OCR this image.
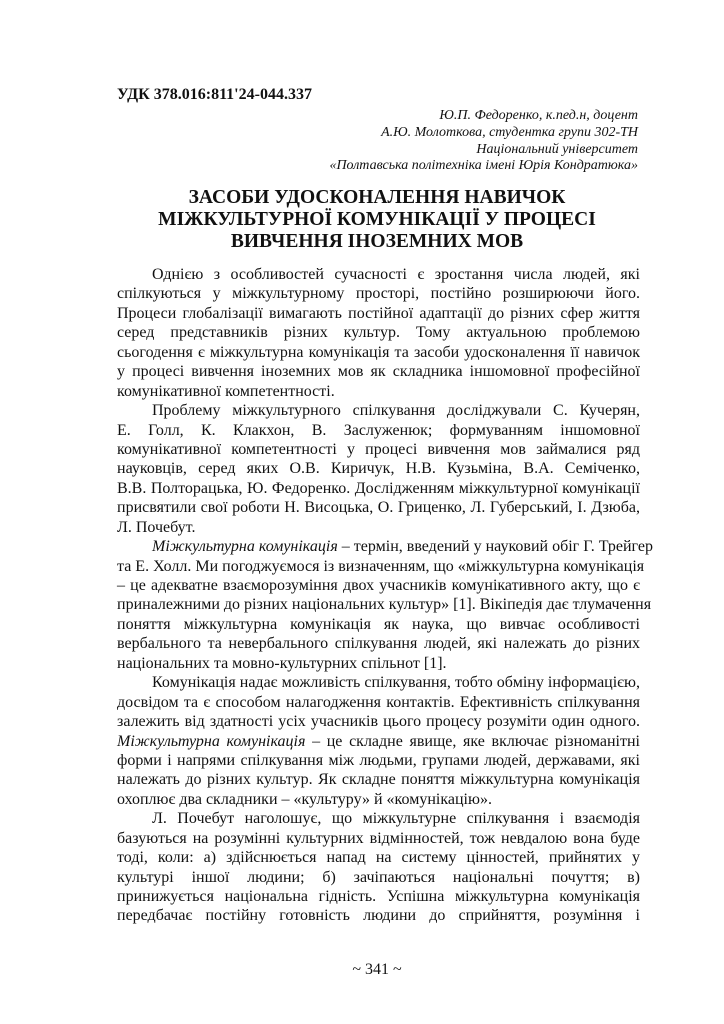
УДК 378.016:811'24-044.337
Ю.П. Федоренко, к.пед.н, доцент
А.Ю. Молоткова, студентка групи 302-ТН
Національний університет
«Полтавська політехніка імені Юрія Кондратюка»
ЗАСОБИ УДОСКОНАЛЕННЯ НАВИЧОК
МІЖКУЛЬТУРНОЇ КОМУНІКАЦІЇ У ПРОЦЕСІ
ВИВЧЕННЯ ІНОЗЕМНИХ МОВ
Однією з особливостей сучасності є зростання числа людей, які
спілкуються у міжкультурному просторі, постійно розширюючи його.
Процеси глобалізації вимагають постійної адаптації до різних сфер життя
серед представників різних культур. Тому актуальною проблемою
сьогодення є міжкультурна комунікація та засоби удосконалення її навичок
у процесі вивчення іноземних мов як складника іншомовної професійної
комунікативної компетентності.
Проблему міжкультурного спілкування досліджували С. Кучерян,
Е. Голл, К. Клакхон, В. Заслуженюк; формуванням іншомовної
комунікативної компетентності у процесі вивчення мов займалися ряд
науковців, серед яких О.В. Киричук, Н.В. Кузьміна, В.А. Семіченко,
В.В. Полторацька, Ю. Федоренко. Дослідженням міжкультурної комунікації
присвятили свої роботи Н. Висоцька, О. Гриценко, Л. Губерський, І. Дзюба,
Л. Почебут.
Міжкультурна комунікація – термін, введений у науковий обіг Г. Трейгер
та Е. Холл. Ми погоджуємося із визначенням, що «міжкультурна комунікація
– це адекватне взаєморозуміння двох учасників комунікативного акту, що є
приналежними до різних національних культур» [1]. Вікіпедія дає тлумачення
поняття міжкультурна комунікація як наука, що вивчає особливості
вербального та невербального спілкування людей, які належать до різних
національних та мовно-культурних спільнот [1].
Комунікація надає можливість спілкування, тобто обміну інформацією,
досвідом та є способом налагодження контактів. Ефективність спілкування
залежить від здатності усіх учасників цього процесу розуміти один одного.
Міжкультурна комунікація – це складне явище, яке включає різноманітні
форми і напрями спілкування між людьми, групами людей, державами, які
належать до різних культур. Як складне поняття міжкультурна комунікація
охоплює два складники – «культуру» й «комунікацію».
Л. Почебут наголошує, що міжкультурне спілкування і взаємодія
базуються на розумінні культурних відмінностей, тож невдалою вона буде
тоді, коли: а) здійснюється напад на систему цінностей, прийнятих у
культурі іншої людини; б) зачіпаються національні почуття; в)
принижується національна гідність. Успішна міжкультурна комунікація
передбачає постійну готовність людини до сприйняття, розуміння і
~ 341 ~
